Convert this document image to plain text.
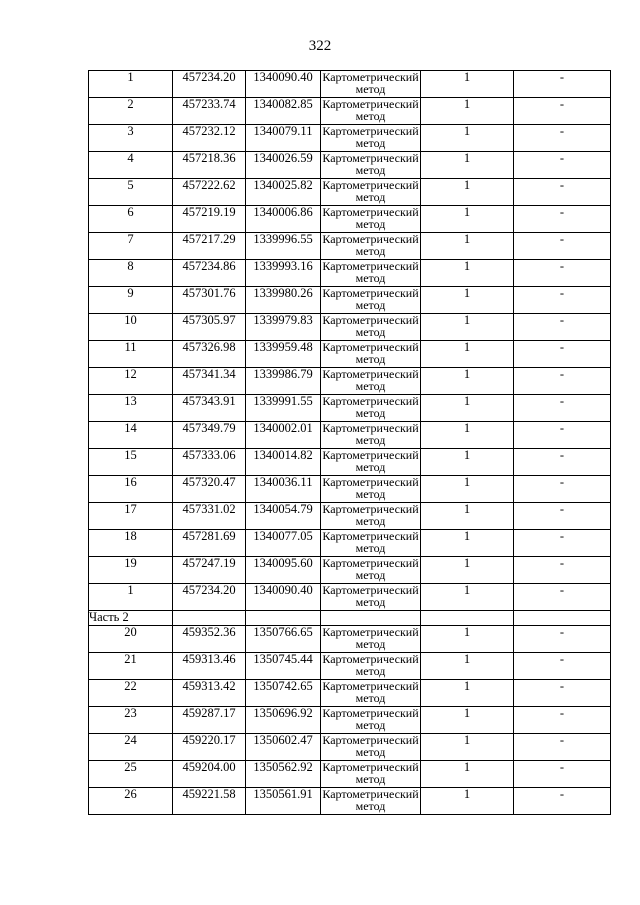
322
1	457234.20	1340090.40	Картометрический метод	1	-
2	457233.74	1340082.85	Картометрический метод	1	-
3	457232.12	1340079.11	Картометрический метод	1	-
4	457218.36	1340026.59	Картометрический метод	1	-
5	457222.62	1340025.82	Картометрический метод	1	-
6	457219.19	1340006.86	Картометрический метод	1	-
7	457217.29	1339996.55	Картометрический метод	1	-
8	457234.86	1339993.16	Картометрический метод	1	-
9	457301.76	1339980.26	Картометрический метод	1	-
10	457305.97	1339979.83	Картометрический метод	1	-
11	457326.98	1339959.48	Картометрический метод	1	-
12	457341.34	1339986.79	Картометрический метод	1	-
13	457343.91	1339991.55	Картометрический метод	1	-
14	457349.79	1340002.01	Картометрический метод	1	-
15	457333.06	1340014.82	Картометрический метод	1	-
16	457320.47	1340036.11	Картометрический метод	1	-
17	457331.02	1340054.79	Картометрический метод	1	-
18	457281.69	1340077.05	Картометрический метод	1	-
19	457247.19	1340095.60	Картометрический метод	1	-
1	457234.20	1340090.40	Картометрический метод	1	-
Часть 2					
20	459352.36	1350766.65	Картометрический метод	1	-
21	459313.46	1350745.44	Картометрический метод	1	-
22	459313.42	1350742.65	Картометрический метод	1	-
23	459287.17	1350696.92	Картометрический метод	1	-
24	459220.17	1350602.47	Картометрический метод	1	-
25	459204.00	1350562.92	Картометрический метод	1	-
26	459221.58	1350561.91	Картометрический метод	1	-
